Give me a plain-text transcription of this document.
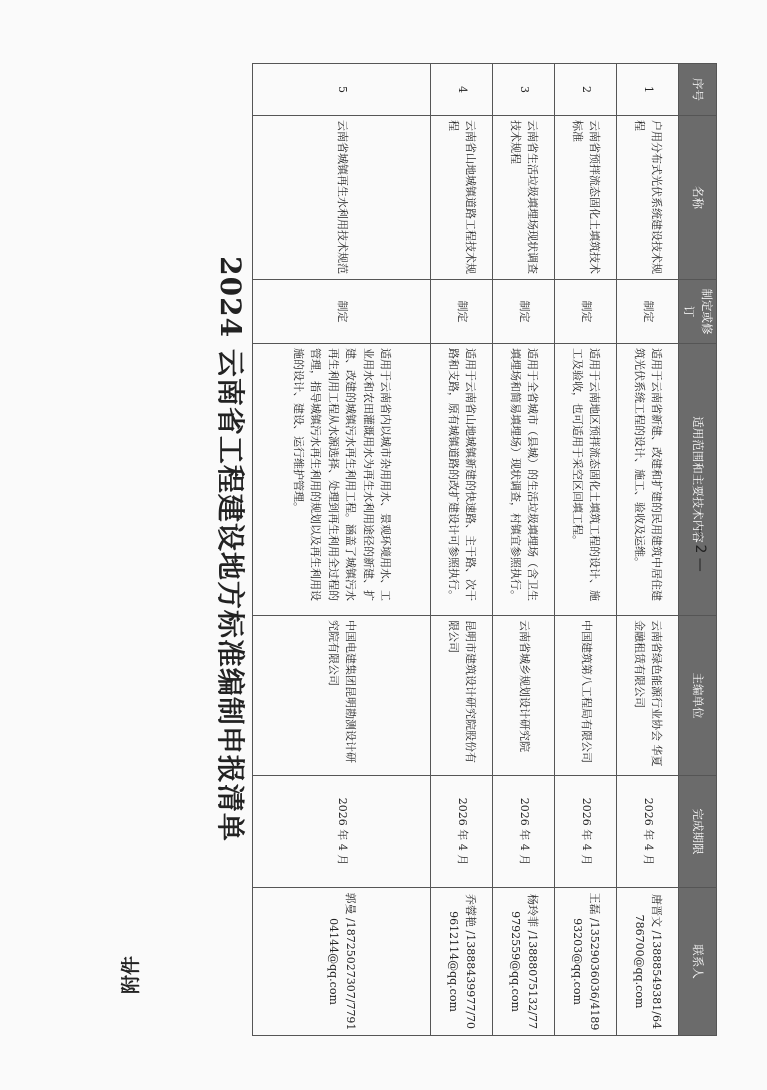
附件
序号	名称	制定或修订	适用范围和主要技术内容	主编单位	完成期限	联系人
1	户用分布式光伏系统建设技术规程	制定	适用于云南省新建、改建和扩建的民用建筑中居住建筑光伏系统工程的设计、施工、验收及运维。	云南省绿色能源行业协会 华夏金融租赁有限公司	2026 年 4 月	唐晋文 /13888549381/6478670​0@qq.com
2	云南省预拌流态固化土填筑技术标准	制定	适用于云南地区预拌流态固化土填筑工程的设计、施工及验收，也可适用于采空区回填工程。	中国建筑第八工程局有限公司	2026 年 4 月	王磊 /13529036036/418993203@qq.com
3	云南省生活垃圾填埋场现状调查技术规程	制定	适用于全省城市（县城）的生活垃圾填埋场（含卫生填埋场和简易填埋场）现状调查，村镇宜参照执行。	云南省城乡规划设计研究院	2026 年 4 月	杨玲菲 /13888075132/779792559@qq.com
4	云南省山地城镇道路工程技术规程	制定	适用于云南省山地城镇新建的快速路、主干路、次干路和支路，原有城镇道路的改扩建设计可参照执行。	昆明市建筑设计研究院股份有限公司	2026 年 4 月	乔蓉艳 /13888439977/709612114@qq.com
5	云南省城镇再生水利用技术规范	制定	适用于云南省内以城市杂用用水、景观环境用水、工业用水和农田灌溉用水为再生水利用途径的新建、扩建、改建的城镇污水再生利用工程。涵盖了城镇污水再生利用工程从水源选择、处理到再生利用全过程的管理，指导城镇污水再生利用的规划以及再生利用设施的设计、建设、运行维护管理。	中国电建集团昆明勘测设计研究院有限公司	2026 年 4 月	郭曼 /18725027307/779104144@qq.com
2024 云南省工程建设地方标准编制申报清单	— 2 —
